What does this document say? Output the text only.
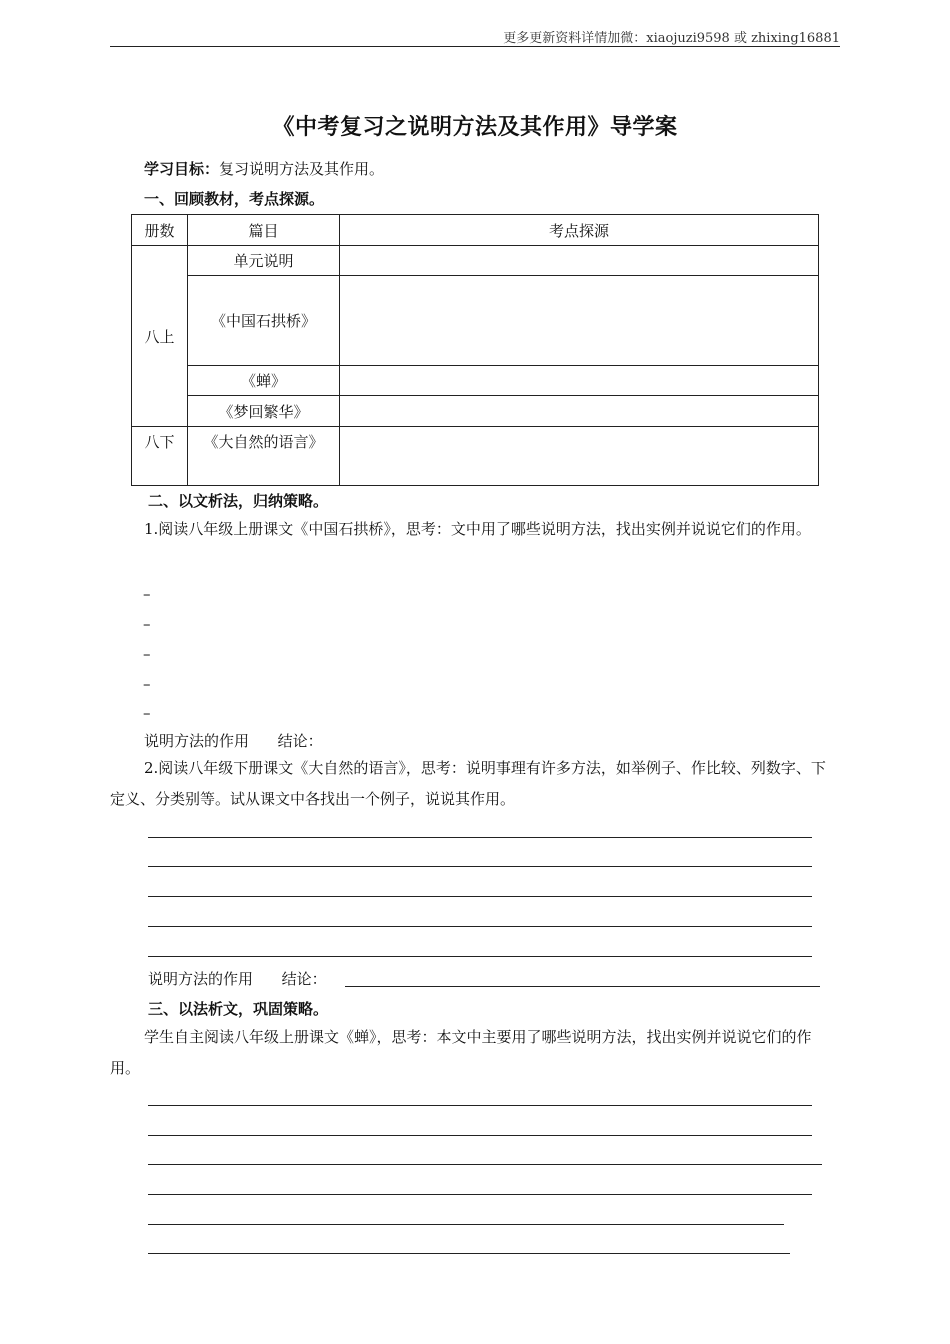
更多更新资料详情加微：xiaojuzi9598 或 zhixing16881
《中考复习之说明方法及其作用》导学案
学习目标：复习说明方法及其作用。
一、回顾教材，考点探源。
册数	篇目	考点探源
八上	单元说明	
	《中国石拱桥》	
	《蝉》	
	《梦回繁华》	
八下	《大自然的语言》	
二、以文析法，归纳策略。
1.阅读八年级上册课文《中国石拱桥》，思考：文中用了哪些说明方法，找出实例并说说它们的作用。
–
–
–
–
–
说明方法的作用      结论：
2.阅读八年级下册课文《大自然的语言》，思考：说明事理有许多方法，如举例子、作比较、列数字、下定义、分类别等。试从课文中各找出一个例子，说说其作用。
说明方法的作用      结论：
三、以法析文，巩固策略。
学生自主阅读八年级上册课文《蝉》，思考：本文中主要用了哪些说明方法，找出实例并说说它们的作用。
